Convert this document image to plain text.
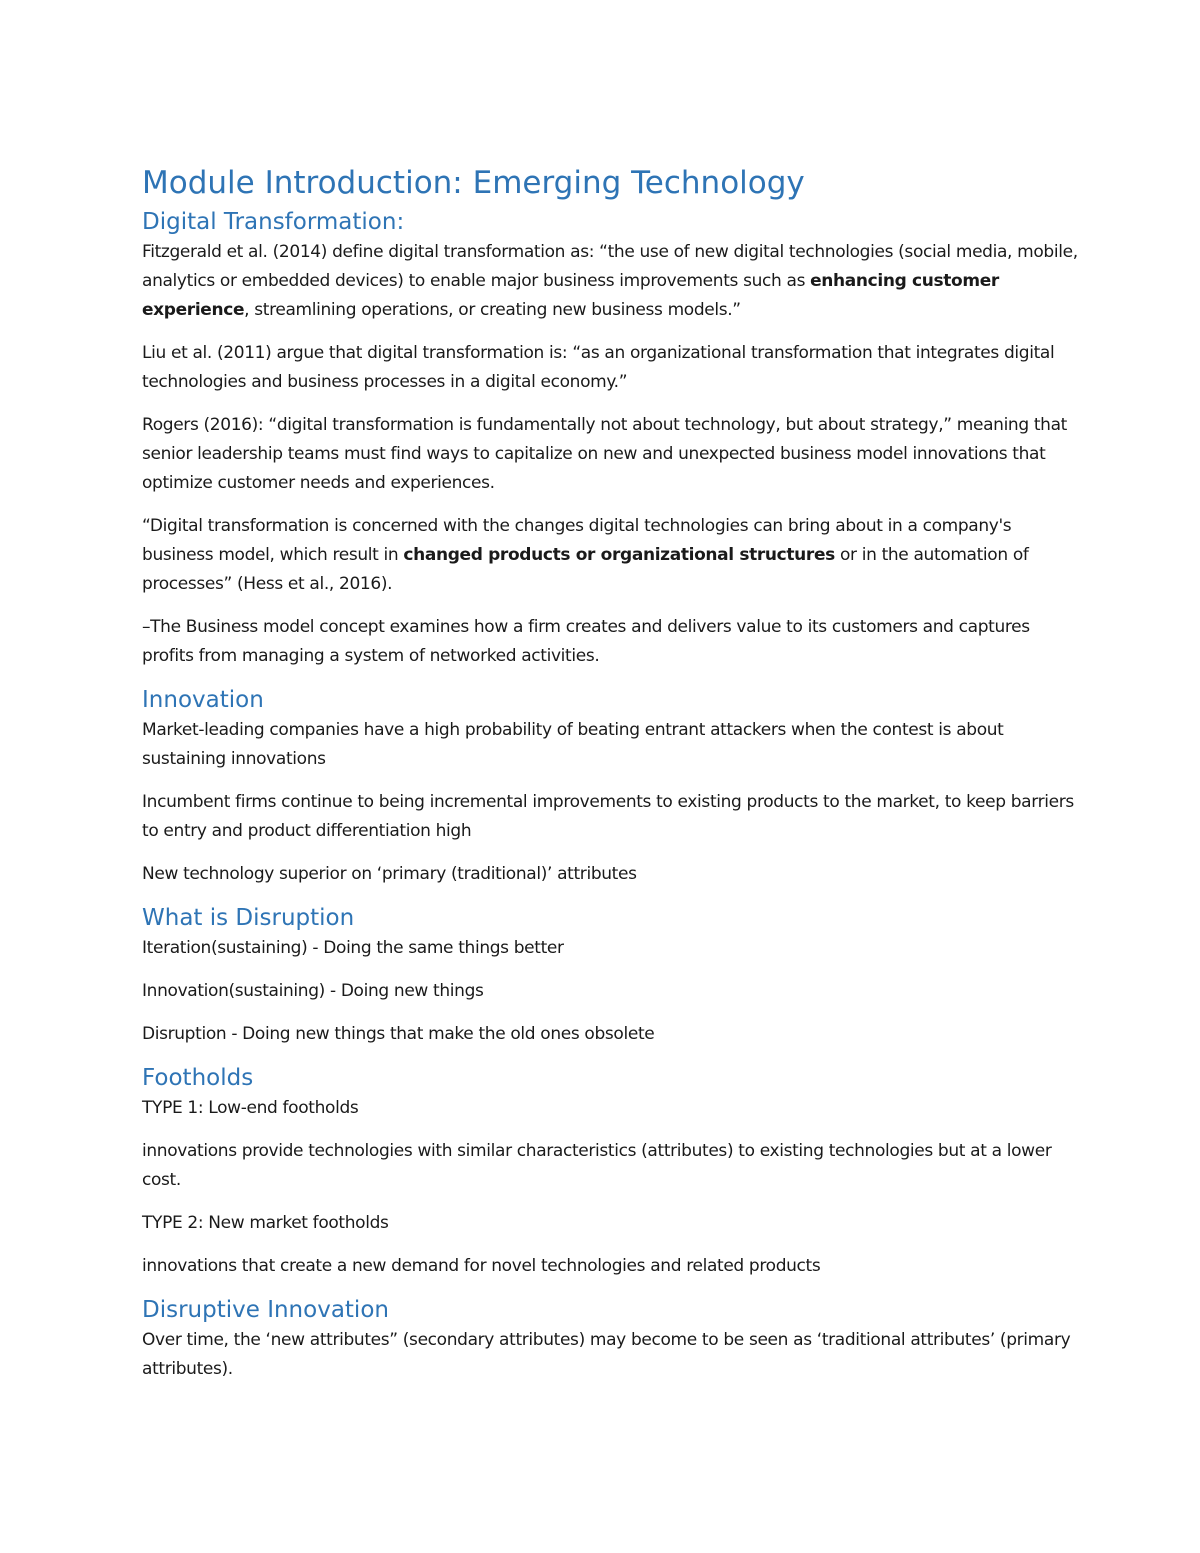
Module Introduction: Emerging Technology
Digital Transformation:

Fitzgerald et al. (2014) define digital transformation as: “the use of new digital technologies (social media, mobile, analytics or embedded devices) to enable major business improvements such as enhancing customer experience, streamlining operations, or creating new business models.”

Liu et al. (2011) argue that digital transformation is: “as an organizational transformation that integrates digital technologies and business processes in a digital economy.”

Rogers (2016): “digital transformation is fundamentally not about technology, but about strategy,” meaning that senior leadership teams must find ways to capitalize on new and unexpected business model innovations that optimize customer needs and experiences.

“Digital transformation is concerned with the changes digital technologies can bring about in a company's business model, which result in changed products or organizational structures or in the automation of processes” (Hess et al., 2016).

–The Business model concept examines how a firm creates and delivers value to its customers and captures profits from managing a system of networked activities.

Innovation

Market-leading companies have a high probability of beating entrant attackers when the contest is about sustaining innovations

Incumbent firms continue to being incremental improvements to existing products to the market, to keep barriers to entry and product differentiation high

New technology superior on ‘primary (traditional)’ attributes

What is Disruption

Iteration(sustaining) - Doing the same things better

Innovation(sustaining) - Doing new things

Disruption - Doing new things that make the old ones obsolete

Footholds

TYPE 1: Low-end footholds

innovations provide technologies with similar characteristics (attributes) to existing technologies but at a lower cost.

TYPE 2: New market footholds

innovations that create a new demand for novel technologies and related products

Disruptive Innovation

Over time, the ‘new attributes” (secondary attributes) may become to be seen as ‘traditional attributes’ (primary attributes).
